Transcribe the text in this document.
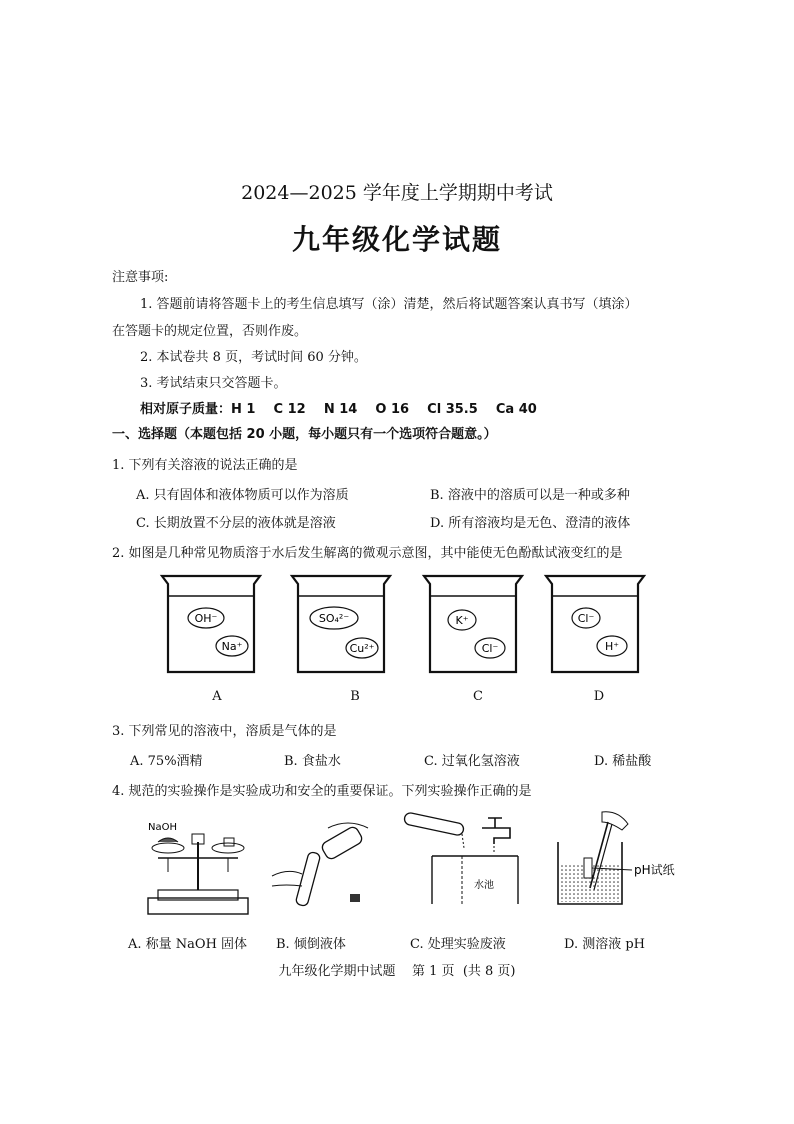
2024—2025 学年度上学期期中考试
九年级化学试题
注意事项:
1. 答题前请将答题卡上的考生信息填写（涂）清楚，然后将试题答案认真书写（填涂）
在答题卡的规定位置，否则作废。
2. 本试卷共 8 页，考试时间 60 分钟。
3. 考试结束只交答题卡。
相对原子质量：H 1    C 12    N 14    O 16    Cl 35.5    Ca 40
一、选择题（本题包括 20 小题，每小题只有一个选项符合题意。）
1. 下列有关溶液的说法正确的是
A. 只有固体和液体物质可以作为溶质	B. 溶液中的溶质可以是一种或多种
C. 长期放置不分层的液体就是溶液	D. 所有溶液均是无色、澄清的液体
2. 如图是几种常见物质溶于水后发生解离的微观示意图，其中能使无色酚酞试液变红的是
OH⁻
Na⁺
SO₄²⁻
Cu²⁺
K⁺
Cl⁻
Cl⁻
H⁺
A	B	C	D
3. 下列常见的溶液中，溶质是气体的是
A. 75%酒精	B. 食盐水	C. 过氧化氢溶液	D. 稀盐酸
4. 规范的实验操作是实验成功和安全的重要保证。下列实验操作正确的是
NaOH
水池
pH试纸
A. 称量 NaOH 固体 B. 倾倒液体	C. 处理实验废液	D. 测溶液 pH
九年级化学期中试题    第 1 页  (共 8 页)
